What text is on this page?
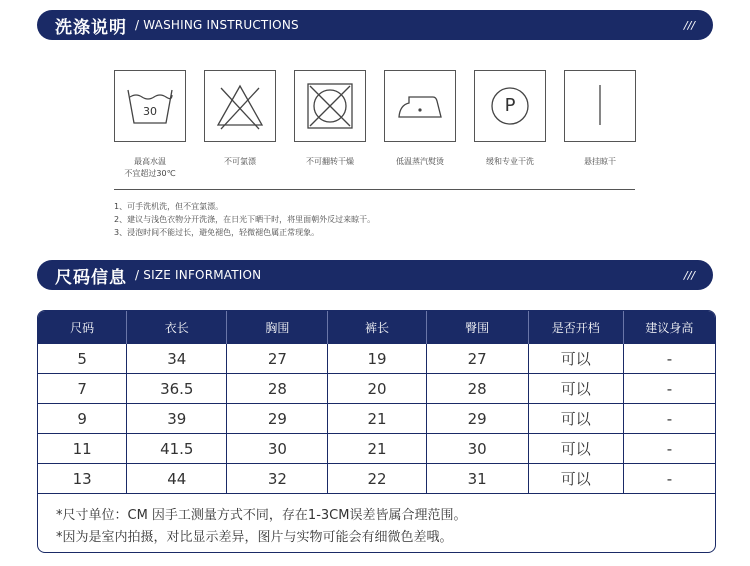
洗涤说明 / WASHING INSTRUCTIONS	///
30
最高水温
不宜超过30℃
不可氯漂	不可翻转干燥	低温蒸汽熨烫
P
缓和专业干洗	悬挂晾干
1、可手洗机洗，但不宜氯漂。
2、建议与浅色衣物分开洗涤，在日光下晒干时，将里面朝外反过来晾干。
3、浸泡时间不能过长，避免褪色，轻微褪色属正常现象。
尺码信息 / SIZE INFORMATION	///
尺码	衣长	胸围	裤长	臀围	是否开档	建议身高
5	34	27	19	27	可以	-
7	36.5	28	20	28	可以	-
9	39	29	21	29	可以	-
11	41.5	30	21	30	可以	-
13	44	32	22	31	可以	-
*尺寸单位：CM 因手工测量方式不同，存在1-3CM误差皆属合理范围。
*因为是室内拍摄，对比显示差异，图片与实物可能会有细微色差哦。
